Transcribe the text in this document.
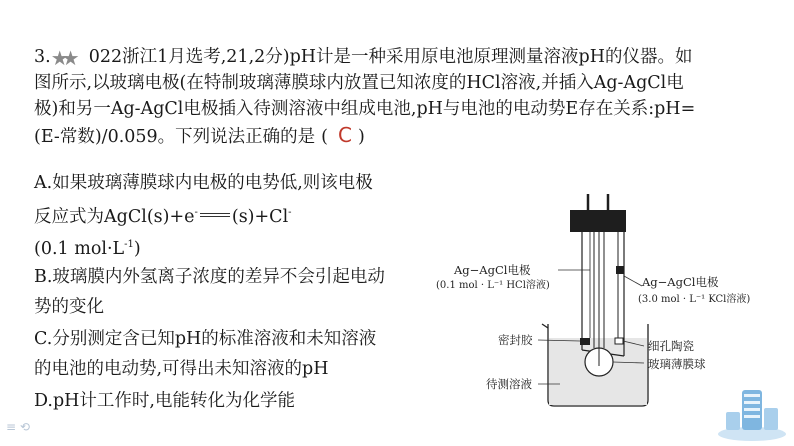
3.★★ 022浙江1月选考,21,2分)pH计是一种采用原电池原理测量溶液pH的仪器。如
图所示,以玻璃电极(在特制玻璃薄膜球内放置已知浓度的HCl溶液,并插入Ag-AgCl电
极)和另一Ag-AgCl电极插入待测溶液中组成电池,pH与电池的电动势E存在关系:pH=
(E-常数)/0.059。下列说法正确的是 ( C )
A.如果玻璃薄膜球内电极的电势低,则该电极
反应式为AgCl(s)+e- (s)+Cl-
(0.1 $mol\cdot L^{-1}$)
B.玻璃膜内外氢离子浓度的差异不会引起电动
势的变化
C.分别测定含已知pH的标准溶液和未知溶液
的电池的电动势,可得出未知溶液的pH
D.pH计工作时,电能转化为化学能
Ag−AgCl电极
(0.1 mol · L⁻¹ HCl溶液)	Ag−AgCl电极
(3.0 mol · L⁻¹ KCl溶液)
密封胶	细孔陶瓷
玻璃薄膜球
待测溶液
≡ ⟲
